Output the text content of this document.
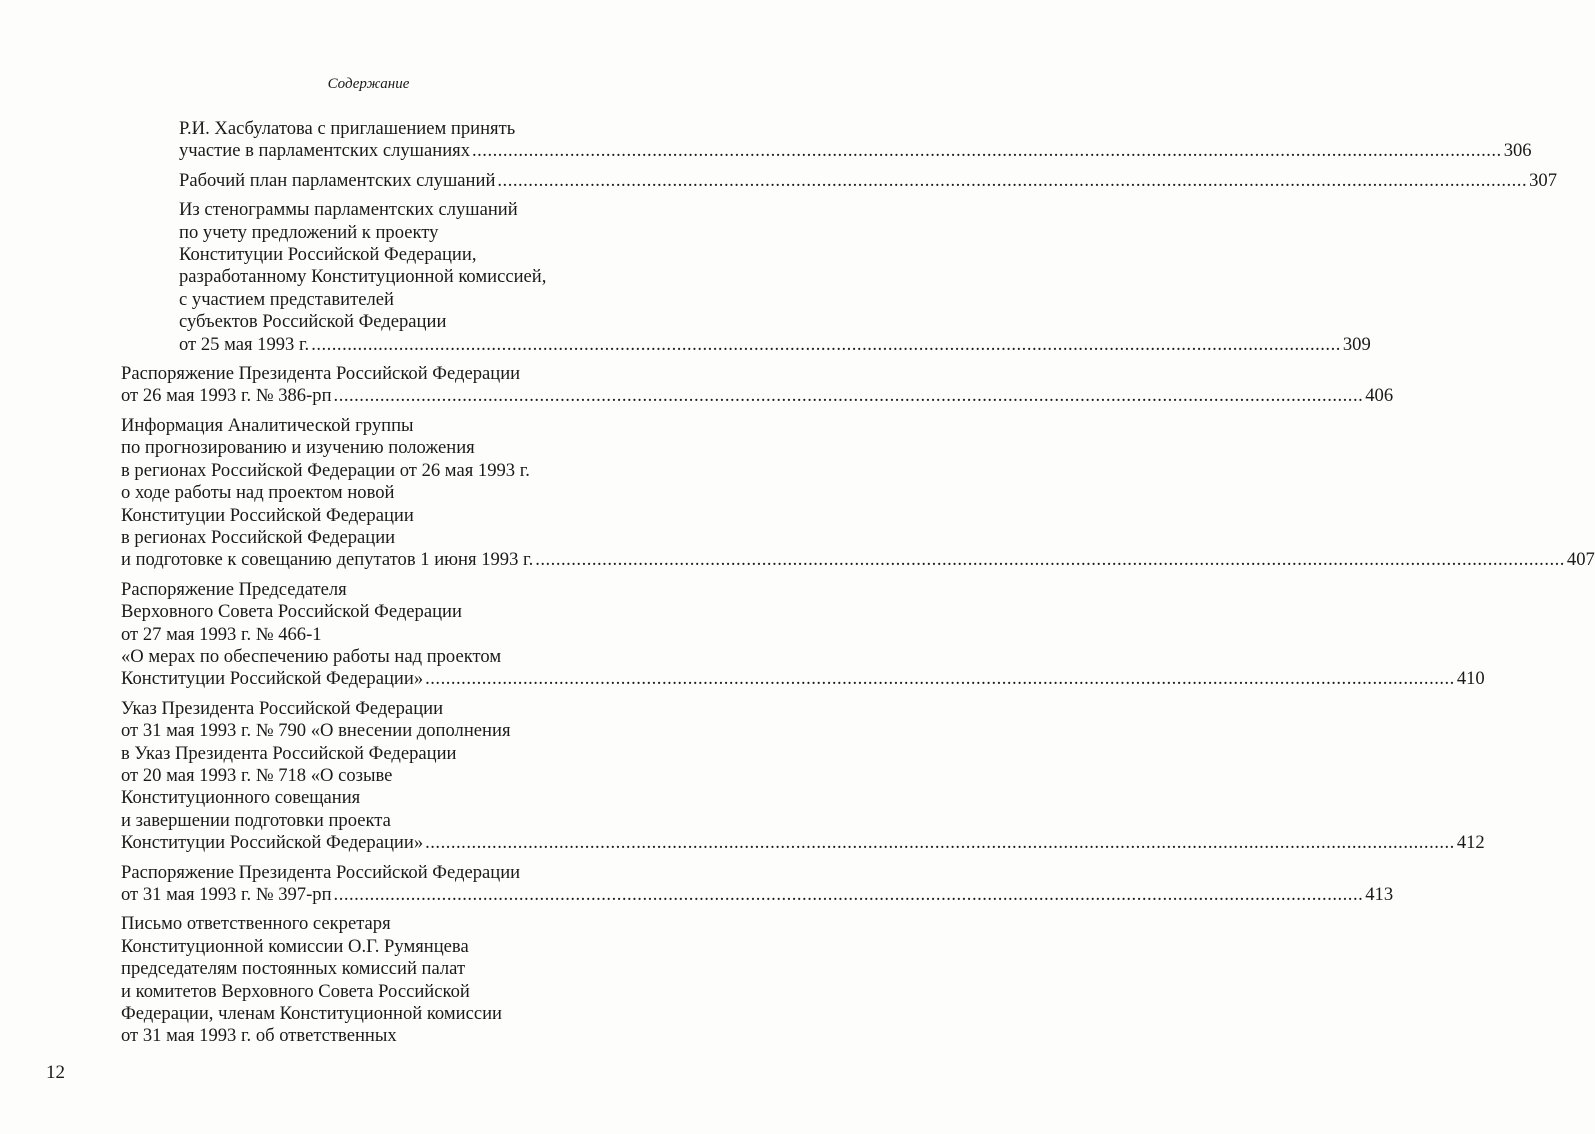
Содержание
Р.И. Хасбулатова с приглашением принять
участие в парламентских слушаниях ........................................................................................................................................................................................................ 306
Рабочий план парламентских слушаний ........................................................................................................................................................................................................ 307
Из стенограммы парламентских слушаний
по учету предложений к проекту
Конституции Российской Федерации,
разработанному Конституционной комиссией,
с участием представителей
субъектов Российской Федерации
от 25 мая 1993 г. ........................................................................................................................................................................................................ 309
Распоряжение Президента Российской Федерации
от 26 мая 1993 г. № 386-рп ........................................................................................................................................................................................................ 406
Информация Аналитической группы
по прогнозированию и изучению положения
в регионах Российской Федерации от 26 мая 1993 г.
о ходе работы над проектом новой
Конституции Российской Федерации
в регионах Российской Федерации
и подготовке к совещанию депутатов 1 июня 1993 г. ........................................................................................................................................................................................................ 407
Распоряжение Председателя
Верховного Совета Российской Федерации
от 27 мая 1993 г. № 466-1
«О мерах по обеспечению работы над проектом
Конституции Российской Федерации» ........................................................................................................................................................................................................ 410
Указ Президента Российской Федерации
от 31 мая 1993 г. № 790 «О внесении дополнения
в Указ Президента Российской Федерации
от 20 мая 1993 г. № 718 «О созыве
Конституционного совещания
и завершении подготовки проекта
Конституции Российской Федерации» ........................................................................................................................................................................................................ 412
Распоряжение Президента Российской Федерации
от 31 мая 1993 г. № 397-рп ........................................................................................................................................................................................................ 413
Письмо ответственного секретаря
Конституционной комиссии О.Г. Румянцева
председателям постоянных комиссий палат
и комитетов Верховного Совета Российской
Федерации, членам Конституционной комиссии
от 31 мая 1993 г. об ответственных
12
